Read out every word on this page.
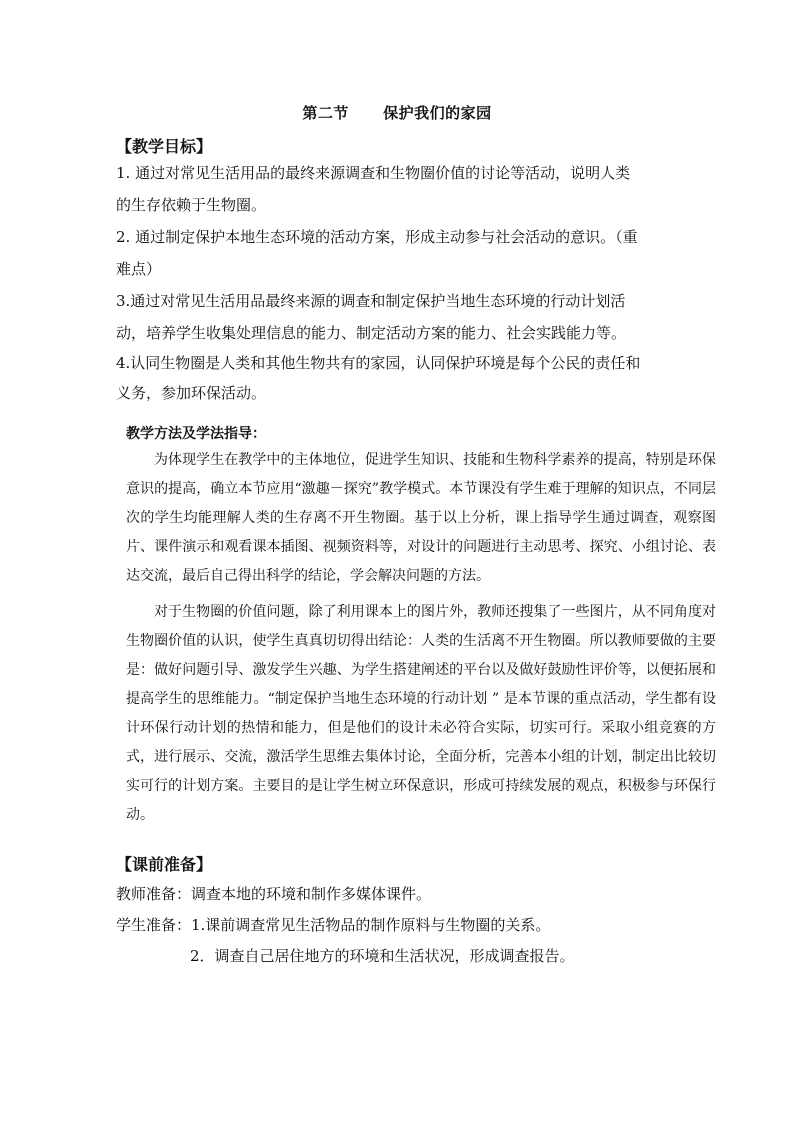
第二节      保护我们的家园
【教学目标】
1. 通过对常见生活用品的最终来源调查和生物圈价值的讨论等活动，说明人类
的生存依赖于生物圈。
2. 通过制定保护本地生态环境的活动方案，形成主动参与社会活动的意识。（重
难点）
3.通过对常见生活用品最终来源的调查和制定保护当地生态环境的行动计划活
动，培养学生收集处理信息的能力、制定活动方案的能力、社会实践能力等。
4.认同生物圈是人类和其他生物共有的家园，认同保护环境是每个公民的责任和
义务，参加环保活动。
教学方法及学法指导：
为体现学生在教学中的主体地位，促进学生知识、技能和生物科学素养的提高，特别是环保意识的提高，确立本节应用“激趣－探究”教学模式。本节课没有学生难于理解的知识点，不同层次的学生均能理解人类的生存离不开生物圈。基于以上分析，课上指导学生通过调查，观察图片、课件演示和观看课本插图、视频资料等，对设计的问题进行主动思考、探究、小组讨论、表达交流，最后自己得出科学的结论，学会解决问题的方法。
对于生物圈的价值问题，除了利用课本上的图片外，教师还搜集了一些图片，从不同角度对生物圈价值的认识，使学生真真切切得出结论：人类的生活离不开生物圈。所以教师要做的主要是：做好问题引导、激发学生兴趣、为学生搭建阐述的平台以及做好鼓励性评价等，以便拓展和提高学生的思维能力。“制定保护当地生态环境的行动计划 ” 是本节课的重点活动，学生都有设计环保行动计划的热情和能力，但是他们的设计未必符合实际，切实可行。采取小组竞赛的方式，进行展示、交流，激活学生思维去集体讨论，全面分析，完善本小组的计划，制定出比较切实可行的计划方案。主要目的是让学生树立环保意识，形成可持续发展的观点，积极参与环保行动。
【课前准备】
教师准备：调查本地的环境和制作多媒体课件。
学生准备：1.课前调查常见生活物品的制作原料与生物圈的关系。
2．调查自己居住地方的环境和生活状况，形成调查报告。
